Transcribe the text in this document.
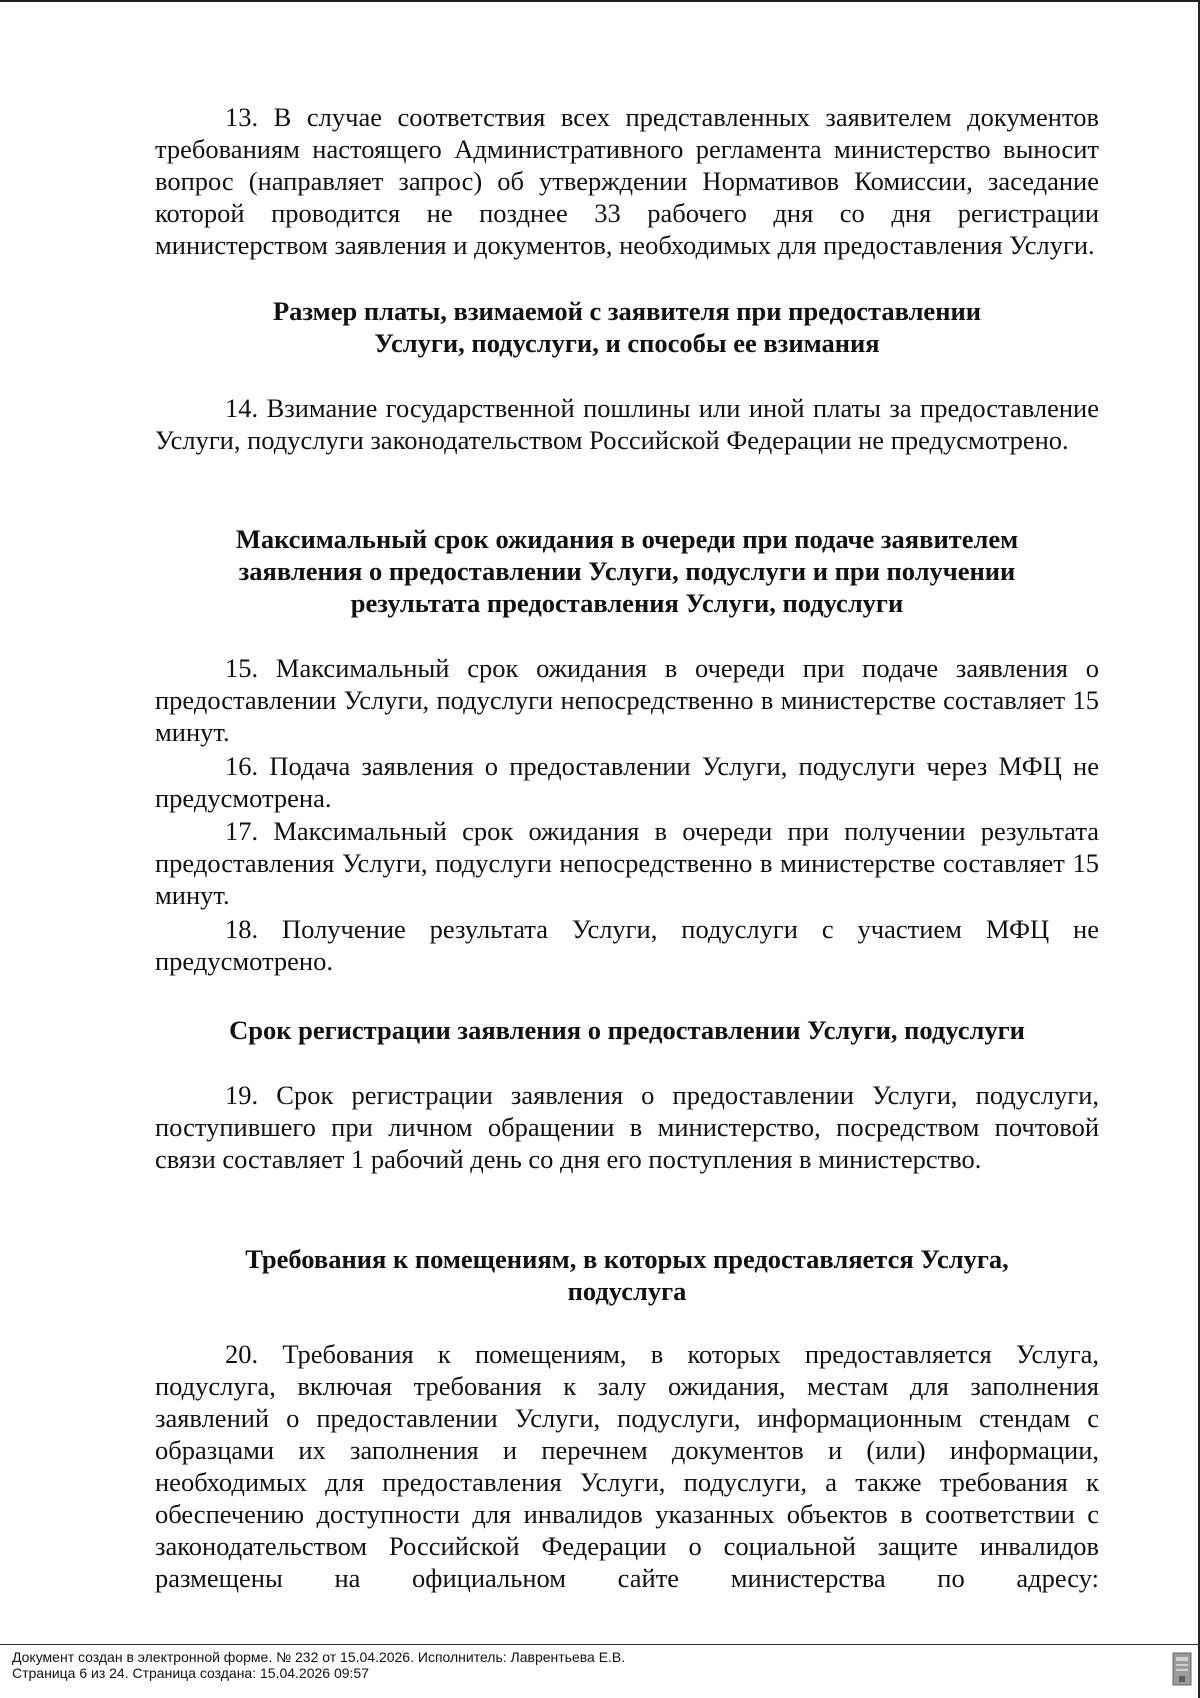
13. В случае соответствия всех представленных заявителем документов требованиям настоящего Административного регламента министерство выносит вопрос (направляет запрос) об утверждении Нормативов Комиссии, заседание которой проводится не позднее 33 рабочего дня со дня регистрации министерством заявления и документов, необходимых для предоставления Услуги.

Размер платы, взимаемой с заявителя при предоставлении
Услуги, подуслуги, и способы ее взимания

14. Взимание государственной пошлины или иной платы за предоставление Услуги, подуслуги законодательством Российской Федерации не предусмотрено.

Максимальный срок ожидания в очереди при подаче заявителем
заявления о предоставлении Услуги, подуслуги и при получении
результата предоставления Услуги, подуслуги

15. Максимальный срок ожидания в очереди при подаче заявления о предоставлении Услуги, подуслуги непосредственно в министерстве составляет 15 минут.

16. Подача заявления о предоставлении Услуги, подуслуги через МФЦ не предусмотрена.

17. Максимальный срок ожидания в очереди при получении результата предоставления Услуги, подуслуги непосредственно в министерстве составляет 15 минут.

18. Получение результата Услуги, подуслуги с участием МФЦ не предусмотрено.

Срок регистрации заявления о предоставлении Услуги, подуслуги

19. Срок регистрации заявления о предоставлении Услуги, подуслуги, поступившего при личном обращении в министерство, посредством почтовой связи составляет 1 рабочий день со дня его поступления в министерство.

Требования к помещениям, в которых предоставляется Услуга,
подуслуга

20. Требования к помещениям, в которых предоставляется Услуга, подуслуга, включая требования к залу ожидания, местам для заполнения заявлений о предоставлении Услуги, подуслуги, информационным стендам с образцами их заполнения и перечнем документов и (или) информации, необходимых для предоставления Услуги, подуслуги, а также требования к обеспечению доступности для инвалидов указанных объектов в соответствии с законодательством Российской Федерации о социальной защите инвалидов размещены на официальном сайте министерства по адресу:

Документ создан в электронной форме. № 232 от 15.04.2026. Исполнитель: Лаврентьева Е.В.
Страница 6 из 24. Страница создана: 15.04.2026 09:57
